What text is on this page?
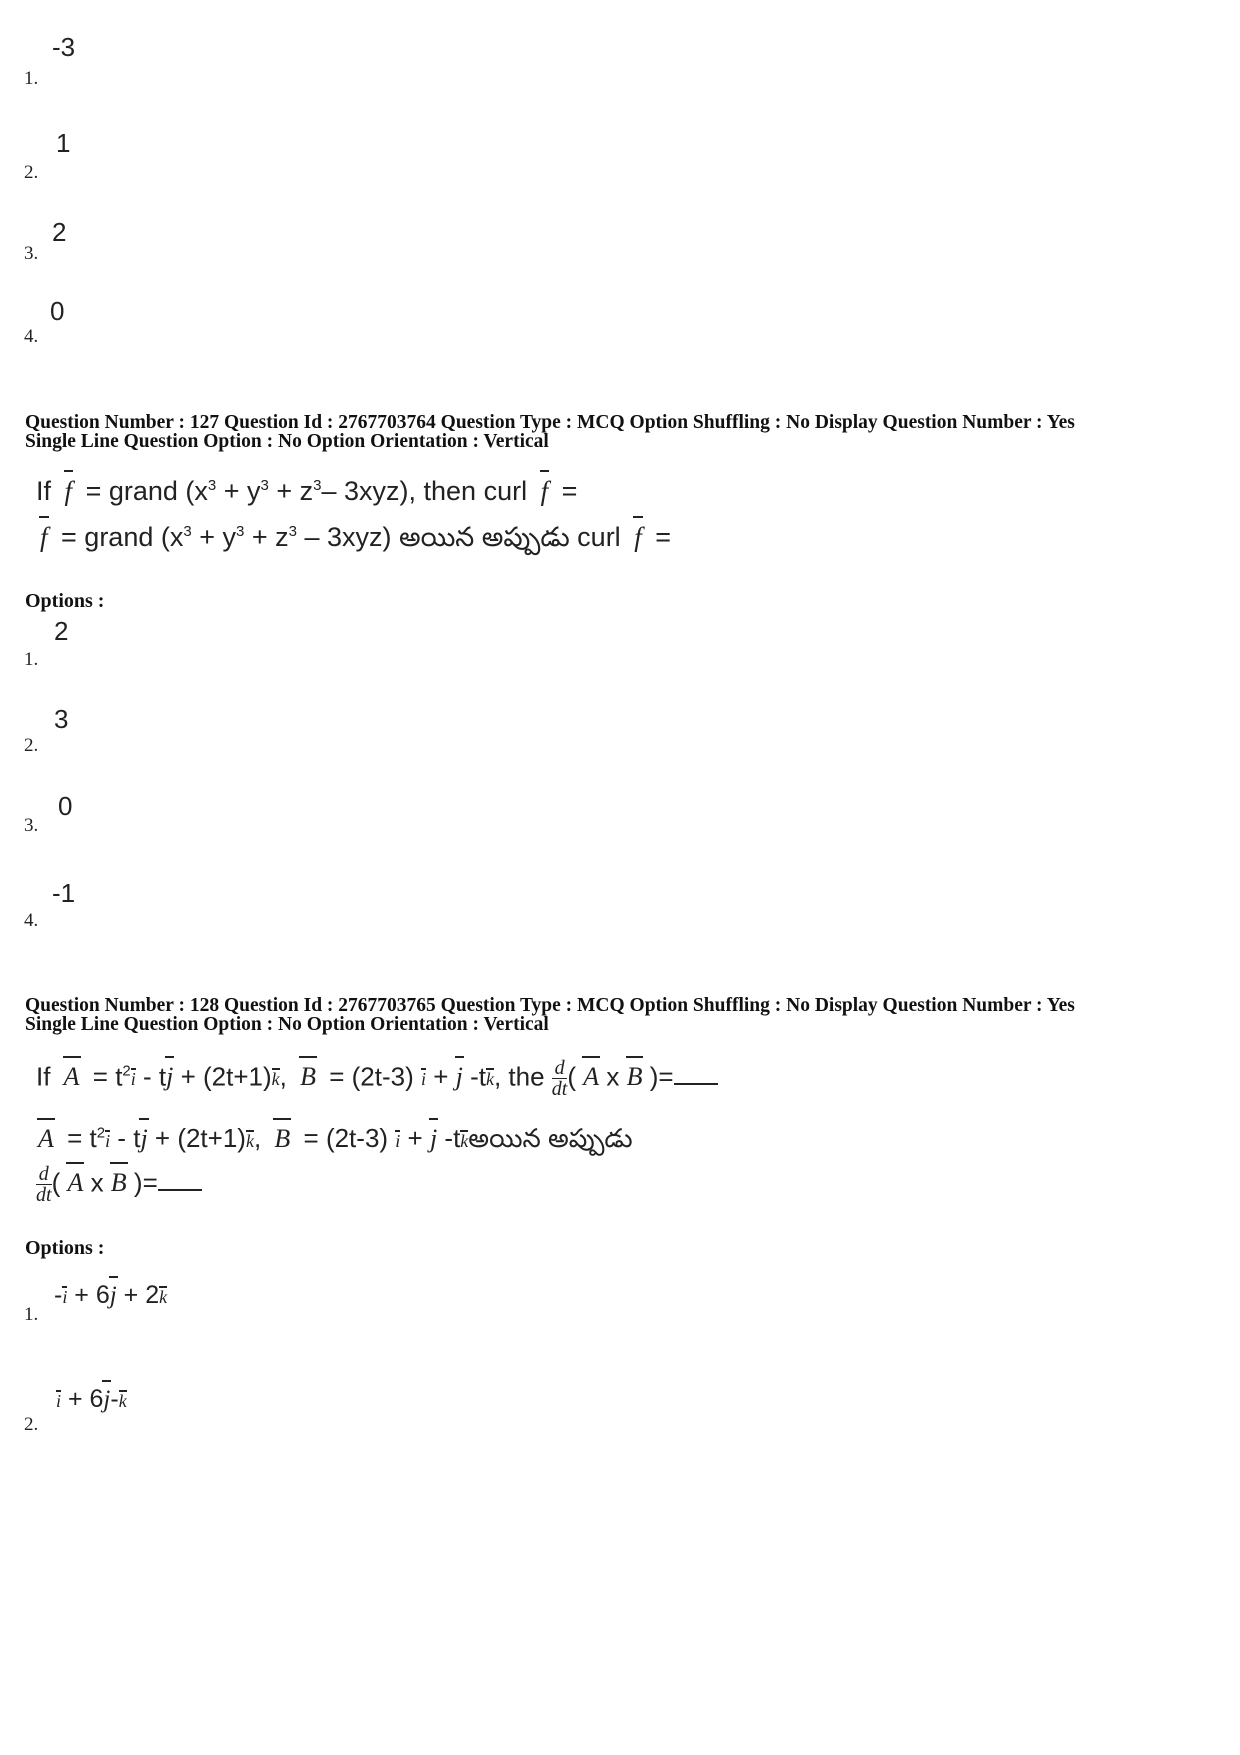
1.
-3
2.
1
3.
2
4.
0
Question Number : 127 Question Id : 2767703764 Question Type : MCQ Option Shuffling : No Display Question Number : Yes
Single Line Question Option : No Option Orientation : Vertical
If f = grand ($x^3 + y^3 + z^3-$ 3xyz), then curl f =
f = grand $(x^3 + y^3 + z^3 - 3xyz)$ అయిన అప్పుడు curl f =
Options :
1.
2
2.
3
3.
0
4.
-1
Question Number : 128 Question Id : 2767703765 Question Type : MCQ Option Shuffling : No Display Question Number : Yes
Single Line Question Option : No Option Orientation : Vertical
If $A = t^2i$ - tj + (2t+1)k, B = (2t-3) i + j -tk, the $\frac{d}{dt}$ ( A x B )=
$A = t^2i$ - tj + (2t+1)k, B = (2t-3) i + j -tkఅయిన అప్పుడు
$\frac{d}{dt}$ ( A x B )=
Options :
1.
-i + 6j + 2k
2.
i + 6j-k
